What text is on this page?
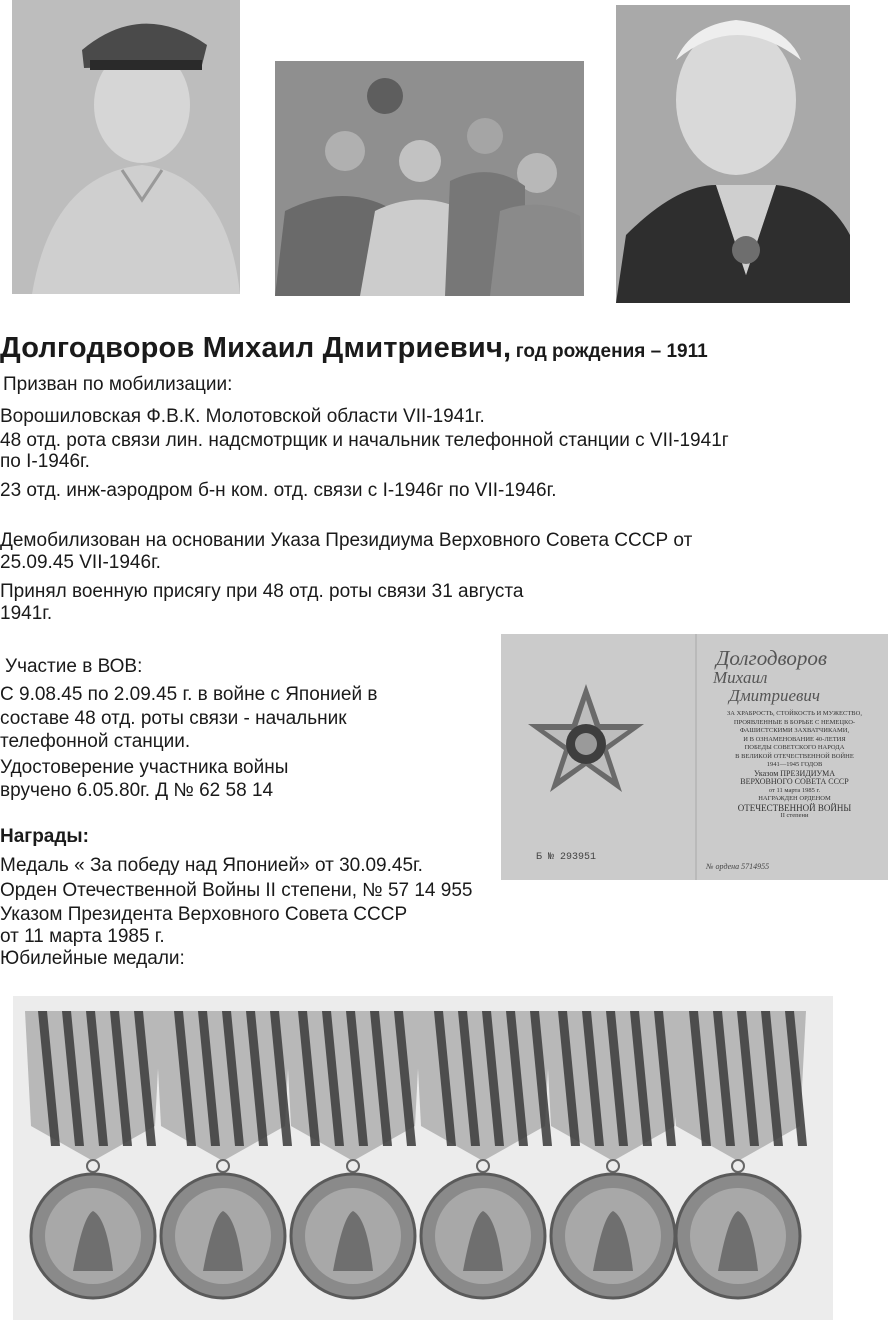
Долгодворов Михаил Дмитриевич, год рождения – 1911
Призван по мобилизации:
Ворошиловская Ф.В.К. Молотовской области VII-1941г.
48 отд. рота связи лин. надсмотрщик и начальник телефонной станции с VII-1941г
по I-1946г.
23 отд. инж-аэродром б-н ком. отд. связи с I-1946г по VII-1946г.
Демобилизован на основании Указа Президиума Верховного Совета СССР от
25.09.45 VII-1946г.
Принял военную присягу при 48 отд. роты связи 31 августа
1941г.
Участие в ВОВ:
С 9.08.45 по 2.09.45 г. в войне с Японией в
составе 48 отд. роты связи - начальник
телефонной станции.
Удостоверение участника войны
вручено 6.05.80г. Д № 62 58 14
Награды:
Медаль « За победу над Японией» от 30.09.45г.
Орден Отечественной Войны II степени, № 57 14 955
Указом Президента Верховного Совета СССР
от 11 марта 1985 г.
Юбилейные медали:
Долгодворов
Михаил
Дмитриевич
ЗА ХРАБРОСТЬ, СТОЙКОСТЬ И МУЖЕСТВО,
ПРОЯВЛЕННЫЕ В БОРЬБЕ С НЕМЕЦКО-
ФАШИСТСКИМИ ЗАХВАТЧИКАМИ,
И В ОЗНАМЕНОВАНИЕ 40-ЛЕТИЯ
ПОБЕДЫ СОВЕТСКОГО НАРОДА
В ВЕЛИКОЙ ОТЕЧЕСТВЕННОЙ ВОЙНЕ
1941—1945 ГОДОВ
Указом ПРЕЗИДИУМА
ВЕРХОВНОГО СОВЕТА СССР
от 11 марта 1985 г.
НАГРАЖДЕН ОРДЕНОМ
ОТЕЧЕСТВЕННОЙ ВОЙНЫ
II степени
Б № 293951
№ ордена 5714955
